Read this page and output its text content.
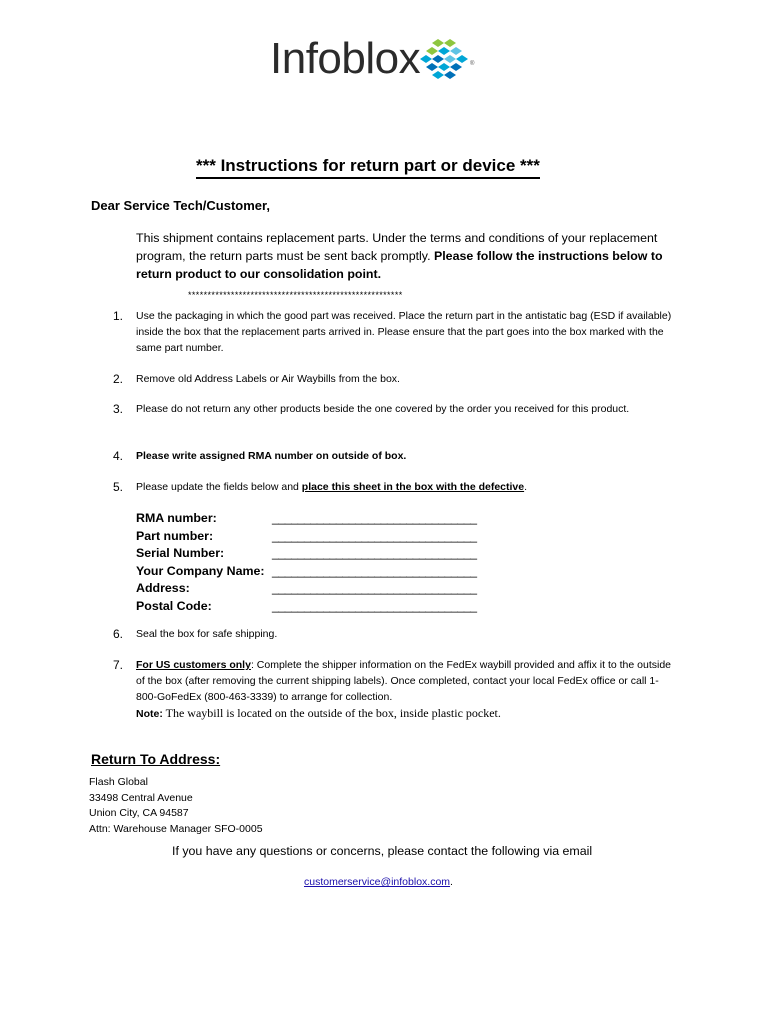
Infoblox	®
*** Instructions for return part or device ***
Dear Service Tech/Customer,
This shipment contains replacement parts. Under the terms and conditions of your replacement program, the return parts must be sent back promptly. Please follow the instructions below to return product to our consolidation point.
*******************************************************
1.	Use the packaging in which the good part was received. Place the return part in the antistatic bag (ESD if available) inside the box that the replacement parts arrived in. Please ensure that the part goes into the box marked with the same part number.
2.	Remove old Address Labels or Air Waybills from the box.
3.	Please do not return any other products beside the one covered by the order you received for this product.
4.	Please write assigned RMA number on outside of box.
5.	Please update the fields below and place this sheet in the box with the defective.
RMA number:	________________________________
Part number:	________________________________
Serial Number:	________________________________
Your Company Name: ________________________________
Address:	________________________________
Postal Code:	________________________________
6.	Seal the box for safe shipping.
7.	For US customers only: Complete the shipper information on the FedEx waybill provided and affix it to the outside of the box (after removing the current shipping labels). Once completed, contact your local FedEx office or call 1-800-GoFedEx (800-463-3339) to arrange for collection.
Note: The waybill is located on the outside of the box, inside plastic pocket.
Return To Address:
Flash Global
33498 Central Avenue
Union City, CA 94587
Attn: Warehouse Manager SFO-0005
If you have any questions or concerns, please contact the following via email
customerservice@infoblox.com.
